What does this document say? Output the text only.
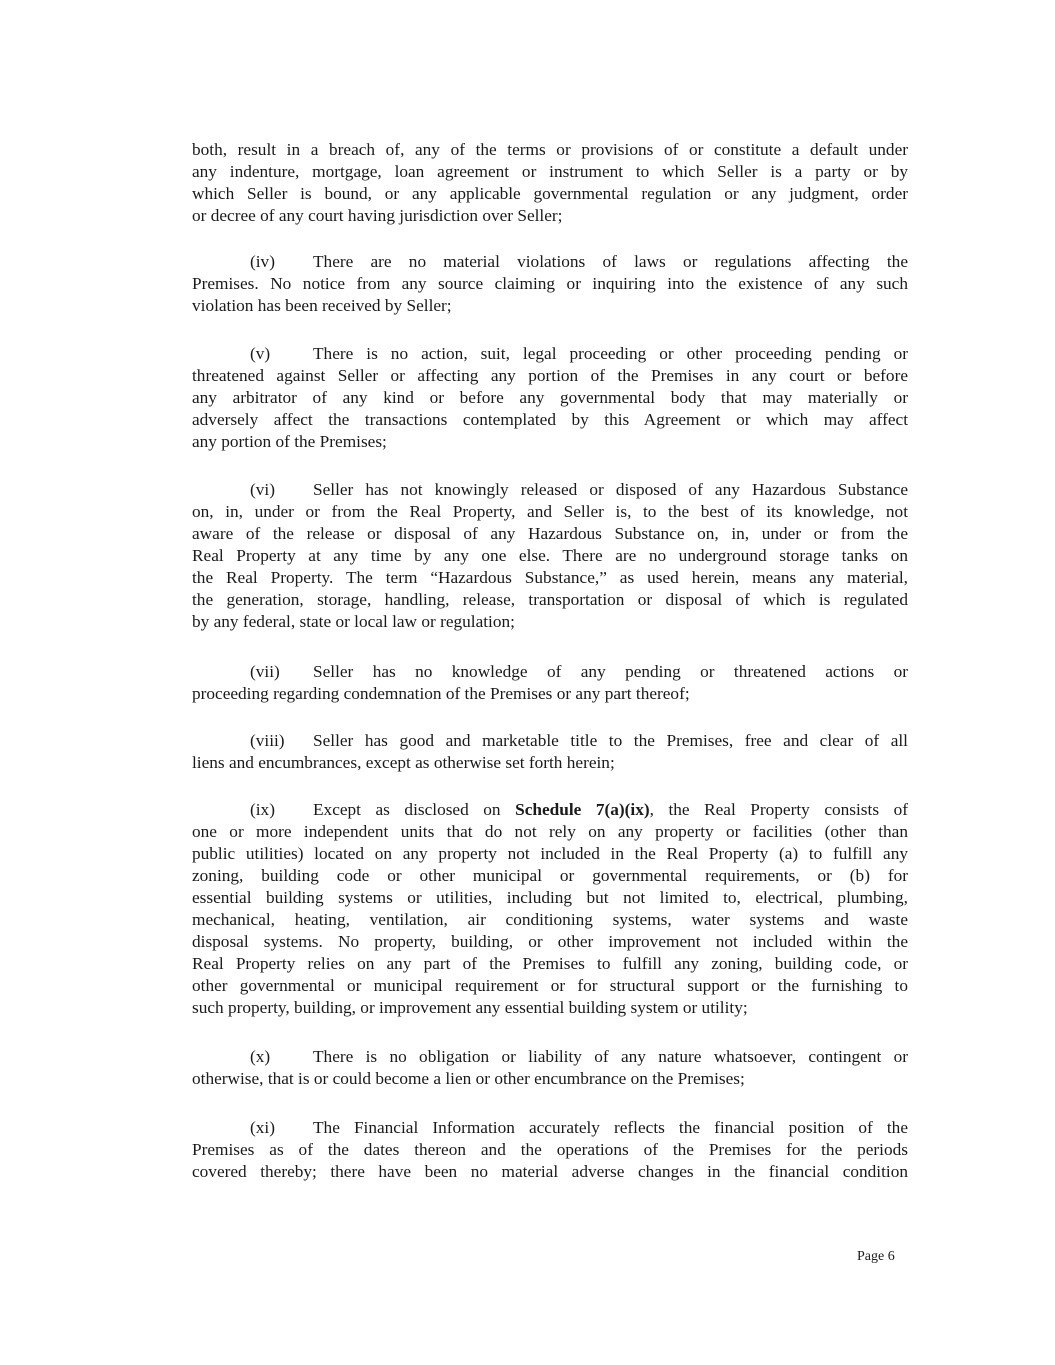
both, result in a breach of, any of the terms or provisions of or constitute a default under
any indenture, mortgage, loan agreement or instrument to which Seller is a party or by
which Seller is bound, or any applicable governmental regulation or any judgment, order
or decree of any court having jurisdiction over Seller;
(iv) There are no material violations of laws or regulations affecting the
Premises. No notice from any source claiming or inquiring into the existence of any such
violation has been received by Seller;
(v) There is no action, suit, legal proceeding or other proceeding pending or
threatened against Seller or affecting any portion of the Premises in any court or before
any arbitrator of any kind or before any governmental body that may materially or
adversely affect the transactions contemplated by this Agreement or which may affect
any portion of the Premises;
(vi) Seller has not knowingly released or disposed of any Hazardous Substance
on, in, under or from the Real Property, and Seller is, to the best of its knowledge, not
aware of the release or disposal of any Hazardous Substance on, in, under or from the
Real Property at any time by any one else. There are no underground storage tanks on
the Real Property. The term “Hazardous Substance,” as used herein, means any material,
the generation, storage, handling, release, transportation or disposal of which is regulated
by any federal, state or local law or regulation;
(vii) Seller has no knowledge of any pending or threatened actions or
proceeding regarding condemnation of the Premises or any part thereof;
(viii) Seller has good and marketable title to the Premises, free and clear of all
liens and encumbrances, except as otherwise set forth herein;
(ix) Except as disclosed on Schedule 7(a)(ix), the Real Property consists of
one or more independent units that do not rely on any property or facilities (other than
public utilities) located on any property not included in the Real Property (a) to fulfill any
zoning, building code or other municipal or governmental requirements, or (b) for
essential building systems or utilities, including but not limited to, electrical, plumbing,
mechanical, heating, ventilation, air conditioning systems, water systems and waste
disposal systems. No property, building, or other improvement not included within the
Real Property relies on any part of the Premises to fulfill any zoning, building code, or
other governmental or municipal requirement or for structural support or the furnishing to
such property, building, or improvement any essential building system or utility;
(x) There is no obligation or liability of any nature whatsoever, contingent or
otherwise, that is or could become a lien or other encumbrance on the Premises;
(xi) The Financial Information accurately reflects the financial position of the
Premises as of the dates thereon and the operations of the Premises for the periods
covered thereby; there have been no material adverse changes in the financial condition
Page 6
